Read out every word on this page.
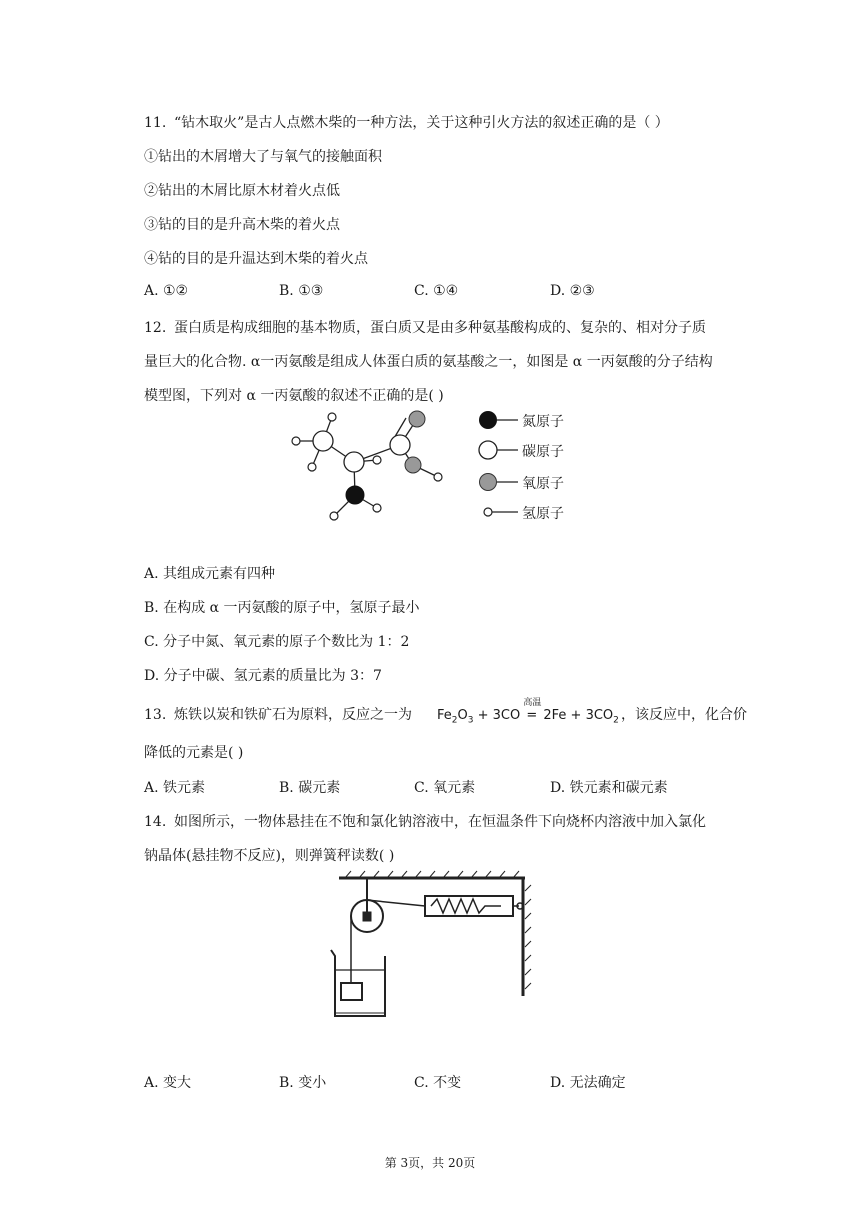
11. “钻木取火”是古人点燃木柴的一种方法，关于这种引火方法的叙述正确的是（ ）
①钻出的木屑增大了与氧气的接触面积
②钻出的木屑比原木材着火点低
③钻的目的是升高木柴的着火点
④钻的目的是升温达到木柴的着火点
A. ①②	B. ①③	C. ①④	D. ②③
12. 蛋白质是构成细胞的基本物质，蛋白质又是由多种氨基酸构成的、复杂的、相对分子质
量巨大的化合物. α一丙氨酸是组成人体蛋白质的氨基酸之一，如图是 α 一丙氨酸的分子结构
模型图，下列对 α 一丙氨酸的叙述不正确的是( )
氮原子
碳原子
氧原子
氢原子
A. 其组成元素有四种
B. 在构成 α 一丙氨酸的原子中，氢原子最小
C. 分子中氮、氧元素的原子个数比为 1：2
D. 分子中碳、氢元素的质量比为 3：7
13. 炼铁以炭和铁矿石为原料，反应之一为 $Fe_2O_3 + 3CO$
高温
= $2Fe + 3CO_2$ ，该反应中，化合价
降低的元素是( )
A. 铁元素	B. 碳元素	C. 氧元素	D. 铁元素和碳元素
14. 如图所示，一物体悬挂在不饱和氯化钠溶液中，在恒温条件下向烧杯内溶液中加入氯化
钠晶体(悬挂物不反应)，则弹簧秤读数( )
A. 变大	B. 变小	C. 不变	D. 无法确定
第 3页，共 20页
